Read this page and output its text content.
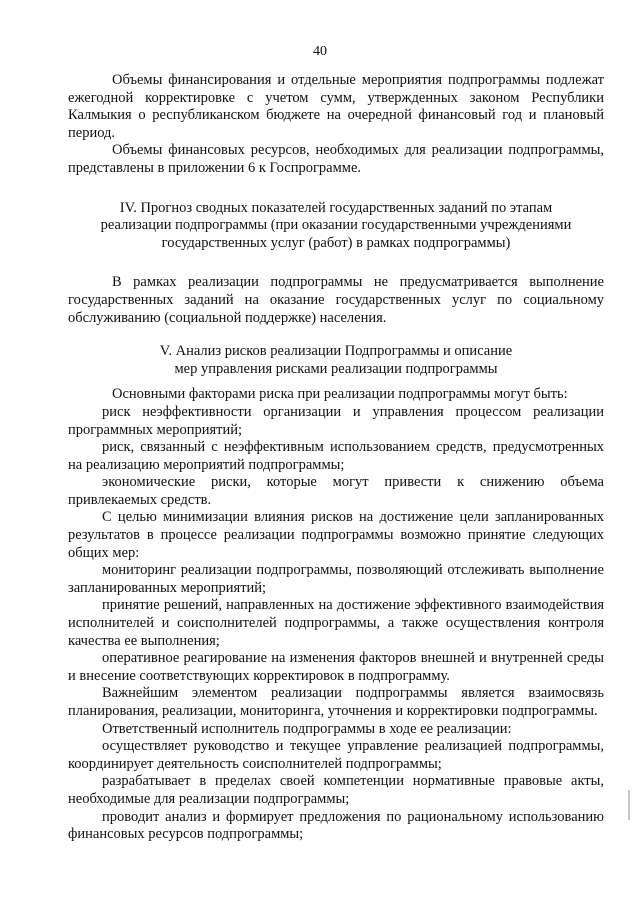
40

Объемы финансирования и отдельные мероприятия подпрограммы подлежат ежегодной корректировке с учетом сумм, утвержденных законом Республики Калмыкия о республиканском бюджете на очередной финансовый год и плановый период.

Объемы финансовых ресурсов, необходимых для реализации подпрограммы, представлены в приложении 6 к Госпрограмме.

IV. Прогноз сводных показателей государственных заданий по этапам

реализации подпрограммы (при оказании государственными учреждениями

государственных услуг (работ) в рамках подпрограммы)

В рамках реализации подпрограммы не предусматривается выполнение государственных заданий на оказание государственных услуг по социальному обслуживанию (социальной поддержке) населения.

V. Анализ рисков реализации Подпрограммы и описание

мер управления рисками реализации подпрограммы

Основными факторами риска при реализации подпрограммы могут быть:

риск неэффективности организации и управления процессом реализации программных мероприятий;

риск, связанный с неэффективным использованием средств, предусмотренных на реализацию мероприятий подпрограммы;

экономические риски, которые могут привести к снижению объема привлекаемых средств.

С целью минимизации влияния рисков на достижение цели запланированных результатов в процессе реализации подпрограммы возможно принятие следующих общих мер:

мониторинг реализации подпрограммы, позволяющий отслеживать выполнение запланированных мероприятий;

принятие решений, направленных на достижение эффективного взаимодействия исполнителей и соисполнителей подпрограммы, а также осуществления контроля качества ее выполнения;

оперативное реагирование на изменения факторов внешней и внутренней среды и внесение соответствующих корректировок в подпрограмму.

Важнейшим элементом реализации подпрограммы является взаимосвязь планирования, реализации, мониторинга, уточнения и корректировки подпрограммы.

Ответственный исполнитель подпрограммы в ходе ее реализации:

осуществляет руководство и текущее управление реализацией подпрограммы, координирует деятельность соисполнителей подпрограммы;

разрабатывает в пределах своей компетенции нормативные правовые акты, необходимые для реализации подпрограммы;

проводит анализ и формирует предложения по рациональному использованию финансовых ресурсов подпрограммы;
